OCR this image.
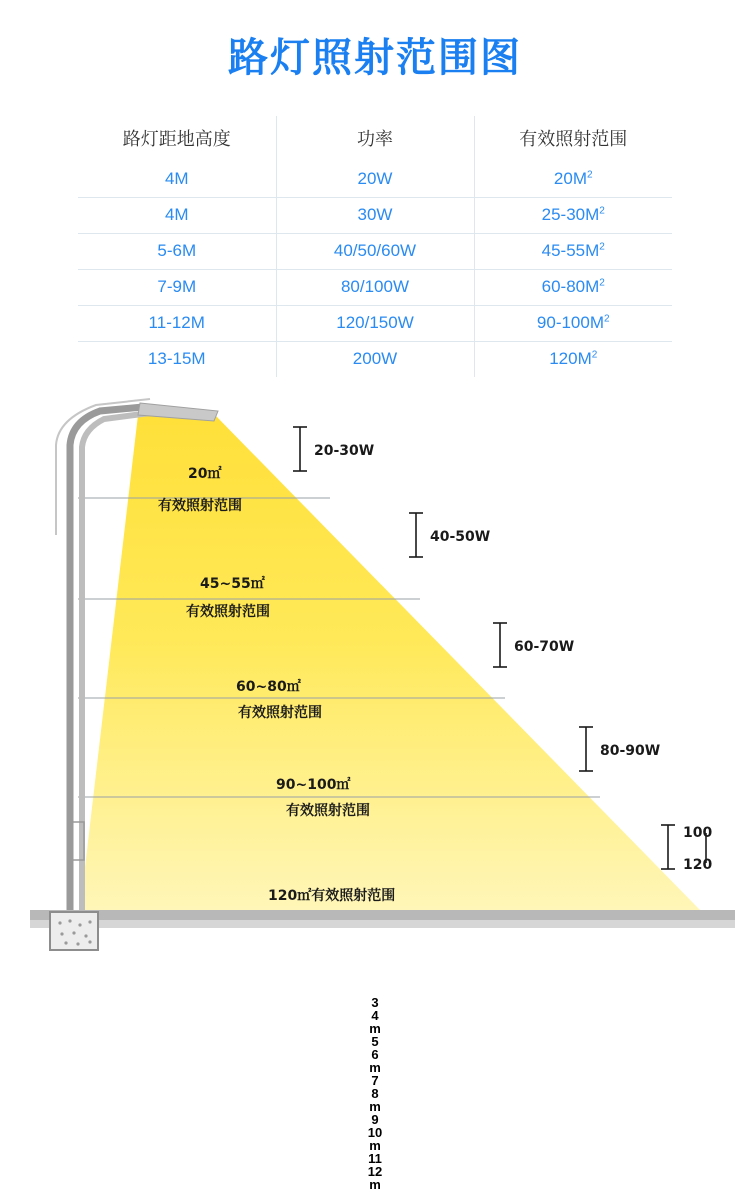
路灯照射范围图
路灯距地高度	功率	有效照射范围
4M	20W	$20M^2$
4M	30W	$25-30M^2$
5-6M	40/50/60W	$45-55M^2$
7-9M	80/100W	$60-80M^2$
11-12M	120/150W	$90-100M^2$
13-15M	200W	$120M^2$
20㎡
有效照射范围
45~55㎡
有效照射范围
60~80㎡
有效照射范围
90~100㎡
有效照射范围
120㎡有效照射范围
3
4
m
20-30W
5
6
m
40-50W
7
8
m
60-70W
9
10
m
80-90W
11
12
m
100
120
